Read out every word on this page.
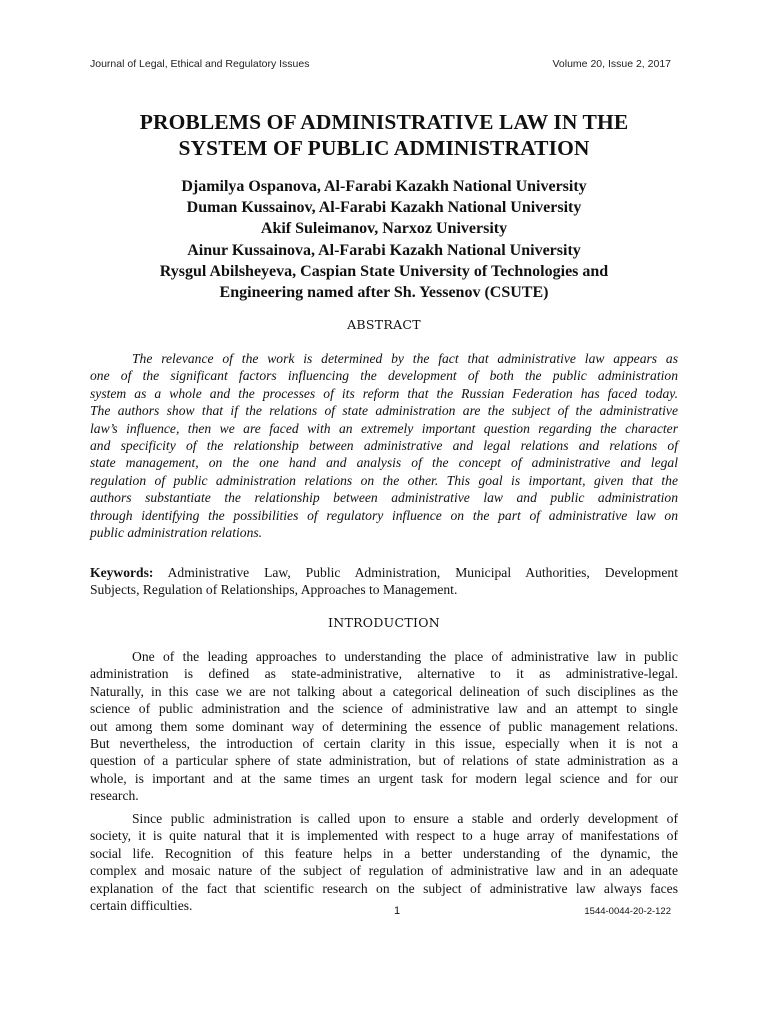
Journal of Legal, Ethical and Regulatory Issues	Volume 20, Issue 2, 2017
PROBLEMS OF ADMINISTRATIVE LAW IN THE
SYSTEM OF PUBLIC ADMINISTRATION
Djamilya Ospanova, Al-Farabi Kazakh National University
Duman Kussainov, Al-Farabi Kazakh National University
Akif Suleimanov, Narxoz University
Ainur Kussainova, Al-Farabi Kazakh National University
Rysgul Abilsheyeva, Caspian State University of Technologies and
Engineering named after Sh. Yessenov (CSUTE)
ABSTRACT
The relevance of the work is determined by the fact that administrative law appears as
one of the significant factors influencing the development of both the public administration
system as a whole and the processes of its reform that the Russian Federation has faced today.
The authors show that if the relations of state administration are the subject of the administrative
law’s influence, then we are faced with an extremely important question regarding the character
and specificity of the relationship between administrative and legal relations and relations of
state management, on the one hand and analysis of the concept of administrative and legal
regulation of public administration relations on the other. This goal is important, given that the
authors substantiate the relationship between administrative law and public administration
through identifying the possibilities of regulatory influence on the part of administrative law on
public administration relations.
Keywords: Administrative Law, Public Administration, Municipal Authorities, Development
Subjects, Regulation of Relationships, Approaches to Management.
INTRODUCTION
One of the leading approaches to understanding the place of administrative law in public
administration is defined as state-administrative, alternative to it as administrative-legal.
Naturally, in this case we are not talking about a categorical delineation of such disciplines as the
science of public administration and the science of administrative law and an attempt to single
out among them some dominant way of determining the essence of public management relations.
But nevertheless, the introduction of certain clarity in this issue, especially when it is not a
question of a particular sphere of state administration, but of relations of state administration as a
whole, is important and at the same times an urgent task for modern legal science and for our
research.
Since public administration is called upon to ensure a stable and orderly development of
society, it is quite natural that it is implemented with respect to a huge array of manifestations of
social life. Recognition of this feature helps in a better understanding of the dynamic, the
complex and mosaic nature of the subject of regulation of administrative law and in an adequate
explanation of the fact that scientific research on the subject of administrative law always faces
certain difficulties.	1	1544-0044-20-2-122
